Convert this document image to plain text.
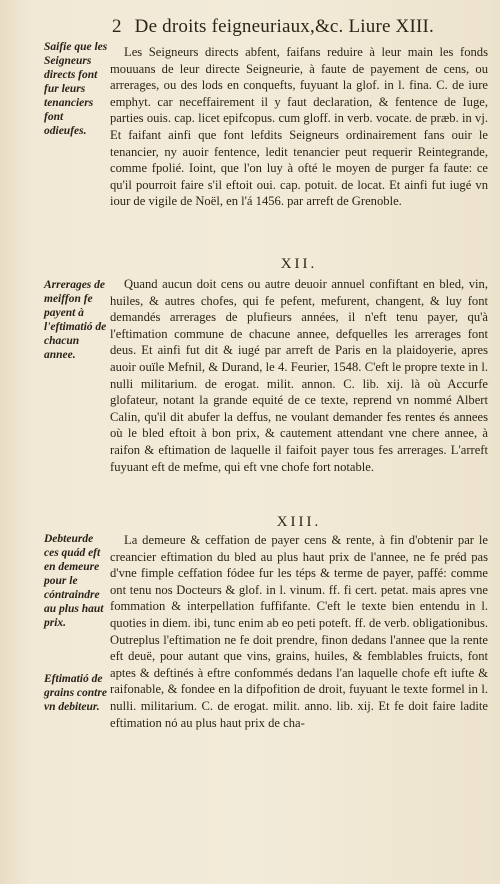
2 De droits feigneuriaux,&c. Liure XIII.
Saifie que les Seigneurs directs font fur leurs tenanciers font odieufes.

Les Seigneurs directs abfent, faifans reduire à leur main les fonds mouuans de leur directe Seigneurie, à faute de payement de cens, ou arrerages, ou des lods en conquefts, fuyuant la glof. in l. fina. C. de iure emphyt. car neceffairement il y faut declaration, & fentence de Iuge, parties ouis. cap. licet epifcopus. cum gloff. in verb. vocate. de præb. in vj. Et faifant ainfi que font lefdits Seigneurs ordinairement fans ouir le tenancier, ny auoir fentence, ledit tenancier peut requerir Reintegrande, comme fpolié. Ioint, que l'on luy à ofté le moyen de purger fa faute: ce qu'il pourroit faire s'il eftoit oui. cap. potuit. de locat. Et ainfi fut iugé vn iour de vigile de Noël, en l'á 1456. par arreft de Grenoble.

XII.
Arrerages de meiffon fe payent à l'eftimatió de chacun annee.

Quand aucun doit cens ou autre deuoir annuel confiftant en bled, vin, huiles, & autres chofes, qui fe pefent, mefurent, changent, & luy font demandés arrerages de plufieurs années, il n'eft tenu payer, qu'à l'eftimation commune de chacune annee, defquelles les arrerages font deus. Et ainfi fut dit & iugé par arreft de Paris en la plaidoyerie, apres auoir ouïle Mefnil, & Durand, le 4. Feurier, 1548. C'eft le propre texte in l. nulli militarium. de erogat. milit. annon. C. lib. xij. là où Accurfe glofateur, notant la grande equité de ce texte, reprend vn nommé Albert Calin, qu'il dit abufer la deffus, ne voulant demander fes rentes és annees où le bled eftoit à bon prix, & cautement attendant vne chere annee, à raifon & eftimation de laquelle il faifoit payer tous fes arrerages. L'arreft fuyuant eft de mefme, qui eft vne chofe fort notable.

XIII.
Debteurde ces quád eft en demeure pour le cóntraindre au plus haut prix.
Eftimatió de grains contre vn debiteur.

La demeure & ceffation de payer cens & rente, à fin d'obtenir par le creancier eftimation du bled au plus haut prix de l'annee, ne fe préd pas d'vne fimple ceffation fódee fur les téps & terme de payer, paffé: comme ont tenu nos Docteurs & glof. in l. vinum. ff. fi cert. petat. mais apres vne fommation & interpellation fuffifante. C'eft le texte bien entendu in l. quoties in diem. ibi, tunc enim ab eo peti poteft. ff. de verb. obligationibus. Outreplus l'eftimation ne fe doit prendre, finon dedans l'annee que la rente eft deuë, pour autant que vins, grains, huiles, & femblables fruicts, font aptes & deftinés à eftre confommés dedans l'an laquelle chofe eft iufte & raifonable, & fondee en la difpofition de droit, fuyuant le texte formel in l. nulli. militarium. C. de erogat. milit. anno. lib. xij. Et fe doit faire ladite eftimation nó au plus haut prix de cha-
